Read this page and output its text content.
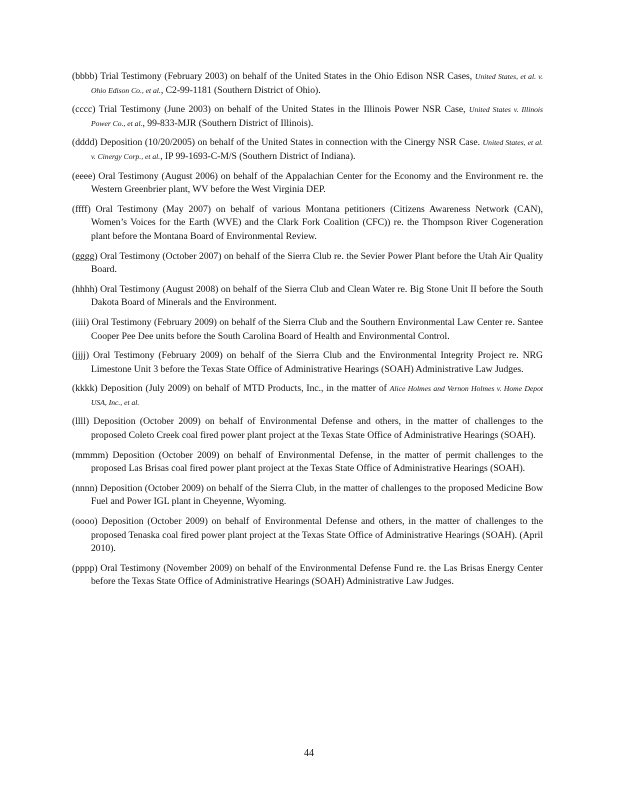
(bbbb) Trial Testimony (February 2003) on behalf of the United States in the Ohio Edison NSR Cases, United States, et al. v. Ohio Edison Co., et al., C2-99-1181 (Southern District of Ohio).

(cccc) Trial Testimony (June 2003) on behalf of the United States in the Illinois Power NSR Case, United States v. Illinois Power Co., et al., 99-833-MJR (Southern District of Illinois).

(dddd) Deposition (10/20/2005) on behalf of the United States in connection with the Cinergy NSR Case. United States, et al. v. Cinergy Corp., et al., IP 99-1693-C-M/S (Southern District of Indiana).

(eeee) Oral Testimony (August 2006) on behalf of the Appalachian Center for the Economy and the Environment re. the Western Greenbrier plant, WV before the West Virginia DEP.

(ffff) Oral Testimony (May 2007) on behalf of various Montana petitioners (Citizens Awareness Network (CAN), Women’s Voices for the Earth (WVE) and the Clark Fork Coalition (CFC)) re. the Thompson River Cogeneration plant before the Montana Board of Environmental Review.

(gggg) Oral Testimony (October 2007) on behalf of the Sierra Club re. the Sevier Power Plant before the Utah Air Quality Board.

(hhhh) Oral Testimony (August 2008) on behalf of the Sierra Club and Clean Water re. Big Stone Unit II before the South Dakota Board of Minerals and the Environment.

(iiii) Oral Testimony (February 2009) on behalf of the Sierra Club and the Southern Environmental Law Center re. Santee Cooper Pee Dee units before the South Carolina Board of Health and Environmental Control.

(jjjj) Oral Testimony (February 2009) on behalf of the Sierra Club and the Environmental Integrity Project re. NRG Limestone Unit 3 before the Texas State Office of Administrative Hearings (SOAH) Administrative Law Judges.

(kkkk) Deposition (July 2009) on behalf of MTD Products, Inc., in the matter of Alice Holmes and Vernon Holmes v. Home Depot USA, Inc., et al.

(llll) Deposition (October 2009) on behalf of Environmental Defense and others, in the matter of challenges to the proposed Coleto Creek coal fired power plant project at the Texas State Office of Administrative Hearings (SOAH).

(mmmm) Deposition (October 2009) on behalf of Environmental Defense, in the matter of permit challenges to the proposed Las Brisas coal fired power plant project at the Texas State Office of Administrative Hearings (SOAH).

(nnnn) Deposition (October 2009) on behalf of the Sierra Club, in the matter of challenges to the proposed Medicine Bow Fuel and Power IGL plant in Cheyenne, Wyoming.

(oooo) Deposition (October 2009) on behalf of Environmental Defense and others, in the matter of challenges to the proposed Tenaska coal fired power plant project at the Texas State Office of Administrative Hearings (SOAH). (April 2010).

(pppp) Oral Testimony (November 2009) on behalf of the Environmental Defense Fund re. the Las Brisas Energy Center before the Texas State Office of Administrative Hearings (SOAH) Administrative Law Judges.

44
